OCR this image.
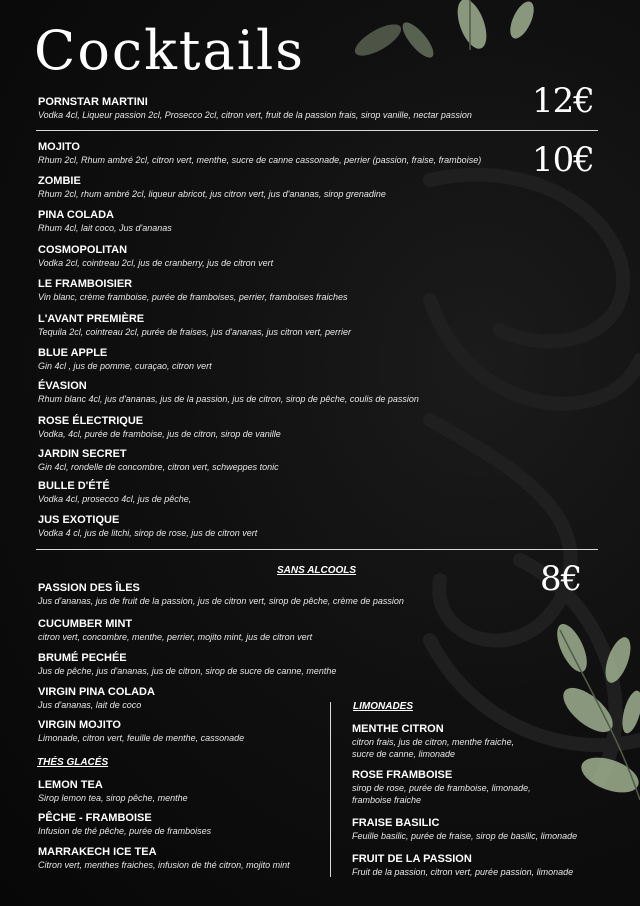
Cocktails
12€
10€
8€
PORNSTAR MARTINI
Vodka 4cl, Liqueur passion 2cl, Prosecco 2cl, citron vert, fruit de la passion frais, sirop vanille, nectar passion
MOJITO
Rhum 2cl, Rhum ambré 2cl, citron vert, menthe, sucre de canne cassonade, perrier (passion, fraise, framboise)
ZOMBIE
Rhum 2cl, rhum ambré 2cl, liqueur abricot, jus citron vert, jus d'ananas, sirop grenadine
PINA COLADA
Rhum 4cl, lait coco, Jus d'ananas
COSMOPOLITAN
Vodka 2cl, cointreau 2cl, jus de cranberry, jus de citron vert
LE FRAMBOISIER
Vin blanc, crème framboise, purée de framboises, perrier, framboises fraiches
L'AVANT PREMIÈRE
Tequila 2cl, cointreau 2cl, purée de fraises, jus d'ananas, jus citron vert, perrier
BLUE APPLE
Gin 4cl , jus de pomme, curaçao, citron vert
ÉVASION
Rhum blanc 4cl, jus d'ananas, jus de la passion, jus de citron, sirop de pêche, coulis de passion
ROSE ÉLECTRIQUE
Vodka, 4cl, purée de framboise, jus de citron, sirop de vanille
JARDIN SECRET
Gin 4cl, rondelle de concombre, citron vert, schweppes tonic
BULLE D'ÉTÉ
Vodka 4cl, prosecco 4cl, jus de pêche,
JUS EXOTIQUE
Vodka 4 cl, jus de litchi, sirop de rose, jus de citron vert
SANS ALCOOLS
PASSION DES ÎLES
Jus d'ananas, jus de fruit de la passion, jus de citron vert, sirop de pêche, crème de passion
CUCUMBER MINT
citron vert, concombre, menthe, perrier, mojito mint, jus de citron vert
BRUMÉ PECHÉE
Jus de pêche, jus d'ananas, jus de citron, sirop de sucre de canne, menthe
VIRGIN PINA COLADA
Jus d'ananas, lait de coco
VIRGIN MOJITO
Limonade, citron vert, feuille de menthe, cassonade
THÉS GLACÉS
LEMON TEA
Sirop lemon tea, sirop pêche, menthe
PÊCHE - FRAMBOISE
Infusion de thé pêche, purée de framboises
MARRAKECH ICE TEA
Citron vert, menthes fraiches, infusion de thé citron, mojito mint
LIMONADES
MENTHE CITRON
citron frais, jus de citron, menthe fraiche,
sucre de canne, limonade
ROSE FRAMBOISE
sirop de rose, purée de framboise, limonade,
framboise fraiche
FRAISE BASILIC
Feuille basilic, purée de fraise, sirop de basilic, limonade
FRUIT DE LA PASSION
Fruit de la passion, citron vert, purée passion, limonade
